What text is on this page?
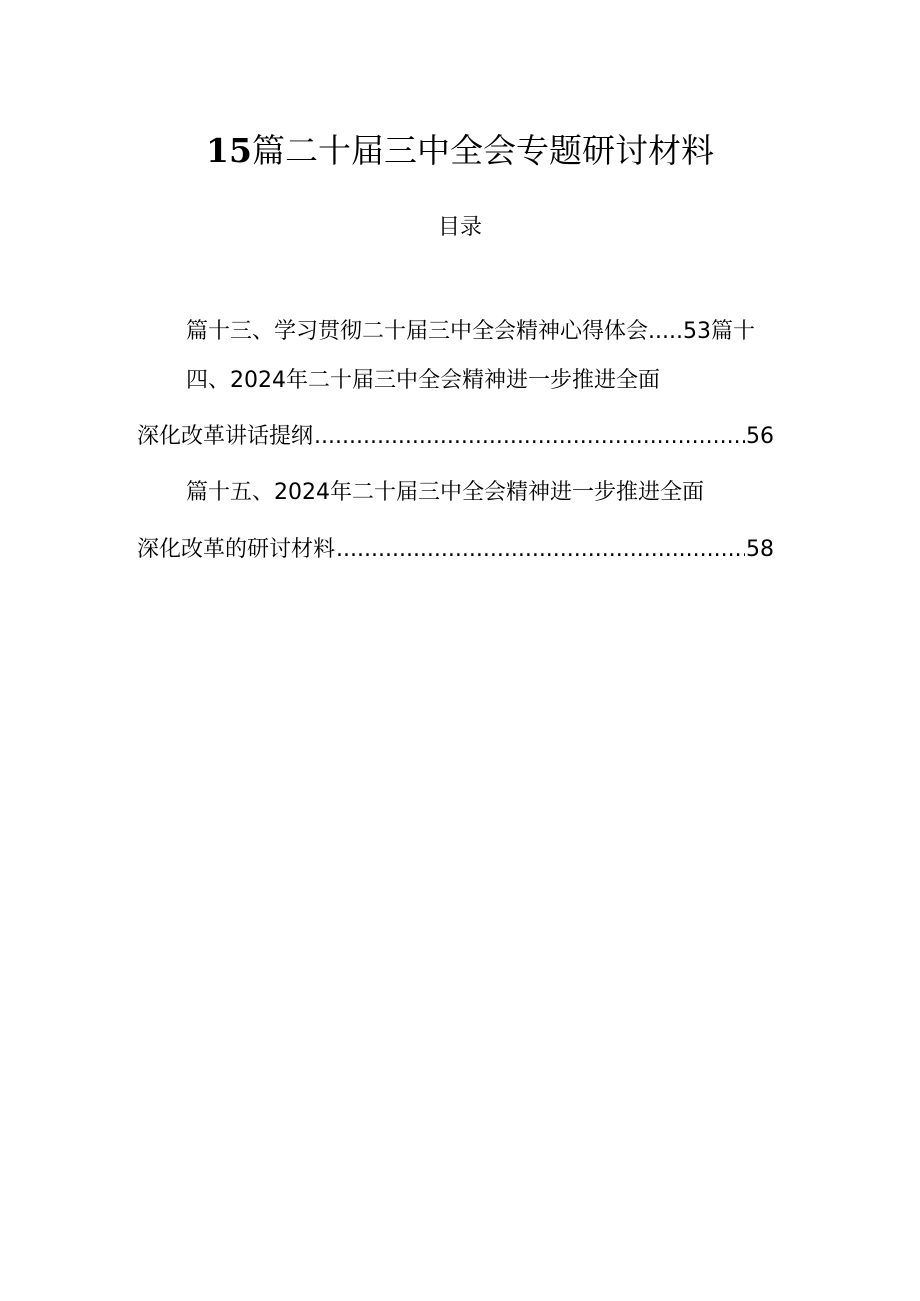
15篇二十届三中全会专题研讨材料
目录
篇十三、学习贯彻二十届三中全会精神心得体会.....53篇十
四、2024年二十届三中全会精神进一步推进全面
深化改革讲话提纲 .....	56
篇十五、2024年二十届三中全会精神进一步推进全面
深化改革的研讨材料 .....	58
